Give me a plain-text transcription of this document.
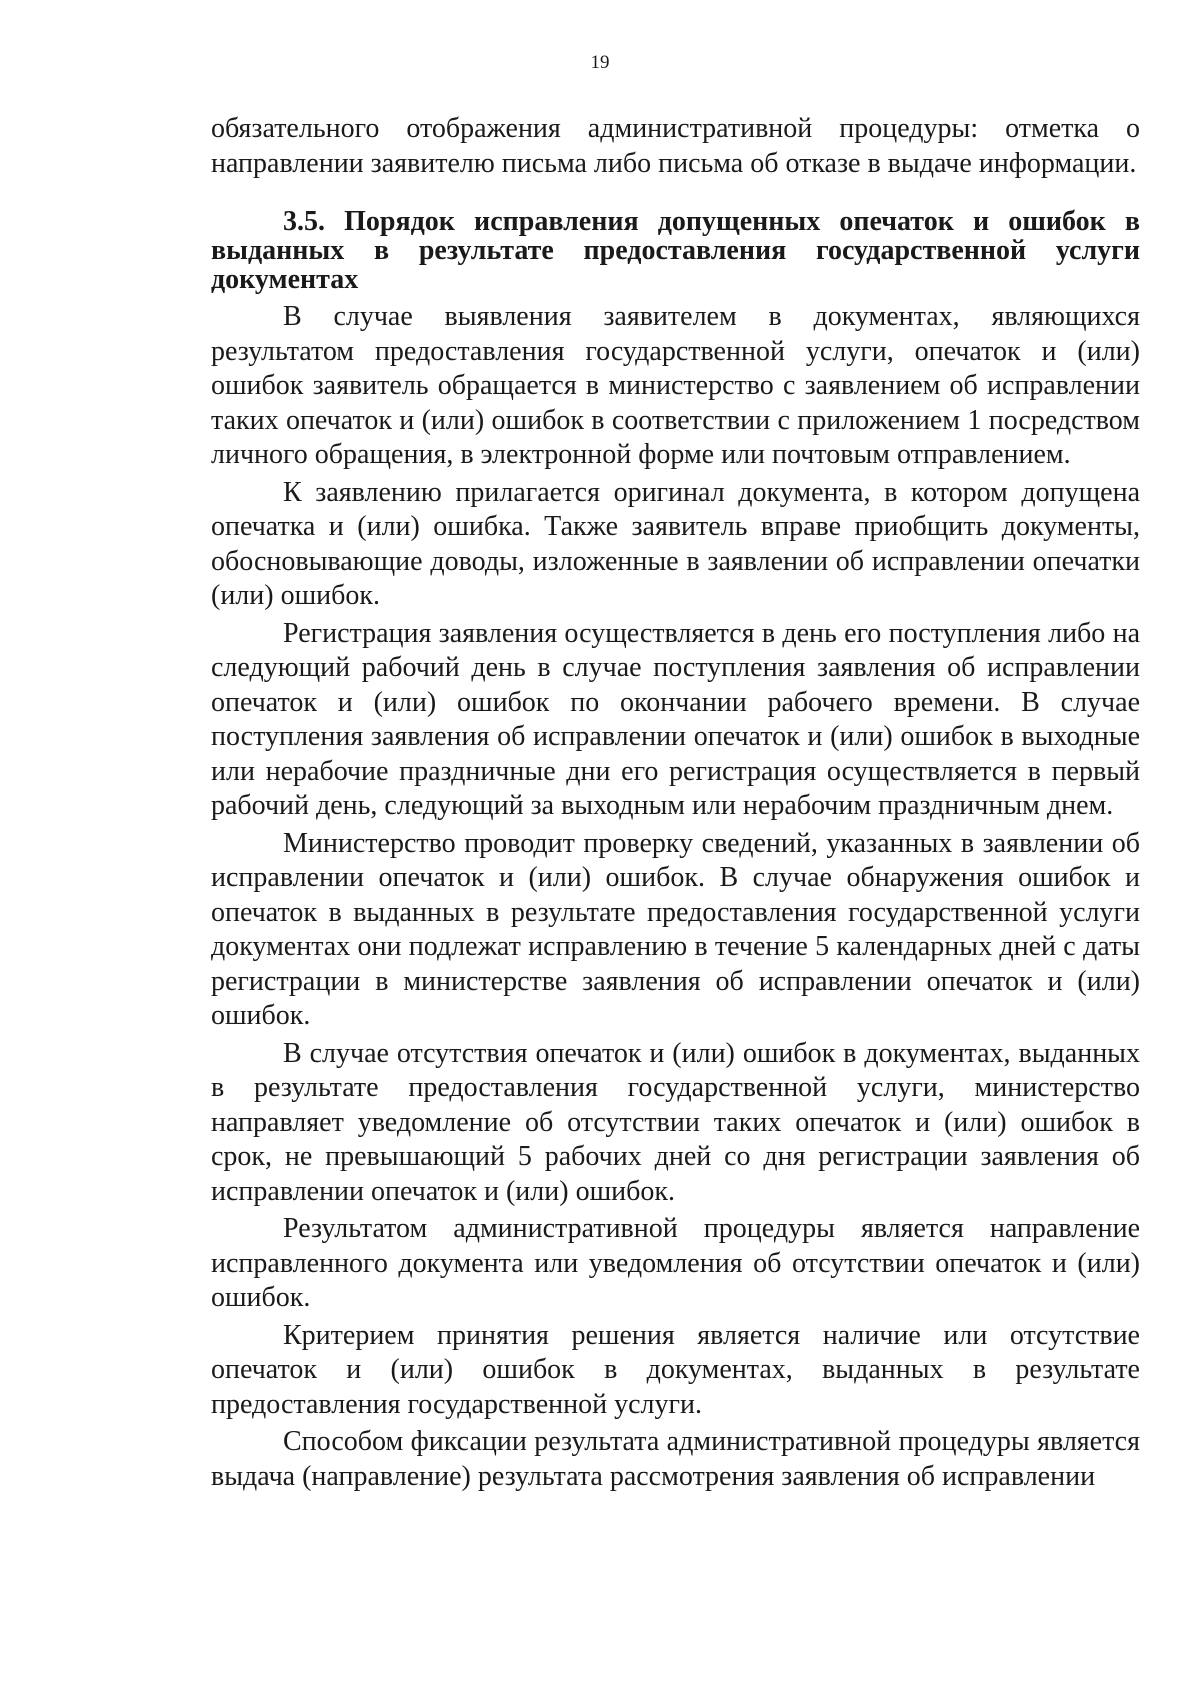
19

обязательного отображения административной процедуры: отметка о направлении заявителю письма либо письма об отказе в выдаче информации.

3.5. Порядок исправления допущенных опечаток и ошибок в выданных в результате предоставления государственной услуги документах

В случае выявления заявителем в документах, являющихся результатом предоставления государственной услуги, опечаток и (или) ошибок заявитель обращается в министерство с заявлением об исправлении таких опечаток и (или) ошибок в соответствии с приложением 1 посредством личного обращения, в электронной форме или почтовым отправлением.

К заявлению прилагается оригинал документа, в котором допущена опечатка и (или) ошибка. Также заявитель вправе приобщить документы, обосновывающие доводы, изложенные в заявлении об исправлении опечатки (или) ошибок.

Регистрация заявления осуществляется в день его поступления либо на следующий рабочий день в случае поступления заявления об исправлении опечаток и (или) ошибок по окончании рабочего времени. В случае поступления заявления об исправлении опечаток и (или) ошибок в выходные или нерабочие праздничные дни его регистрация осуществляется в первый рабочий день, следующий за выходным или нерабочим праздничным днем.

Министерство проводит проверку сведений, указанных в заявлении об исправлении опечаток и (или) ошибок. В случае обнаружения ошибок и опечаток в выданных в результате предоставления государственной услуги документах они подлежат исправлению в течение 5 календарных дней с даты регистрации в министерстве заявления об исправлении опечаток и (или) ошибок.

В случае отсутствия опечаток и (или) ошибок в документах, выданных в результате предоставления государственной услуги, министерство направляет уведомление об отсутствии таких опечаток и (или) ошибок в срок, не превышающий 5 рабочих дней со дня регистрации заявления об исправлении опечаток и (или) ошибок.

Результатом административной процедуры является направление исправленного документа или уведомления об отсутствии опечаток и (или) ошибок.

Критерием принятия решения является наличие или отсутствие опечаток и (или) ошибок в документах, выданных в результате предоставления государственной услуги.

Способом фиксации результата административной процедуры является выдача (направление) результата рассмотрения заявления об исправлении
